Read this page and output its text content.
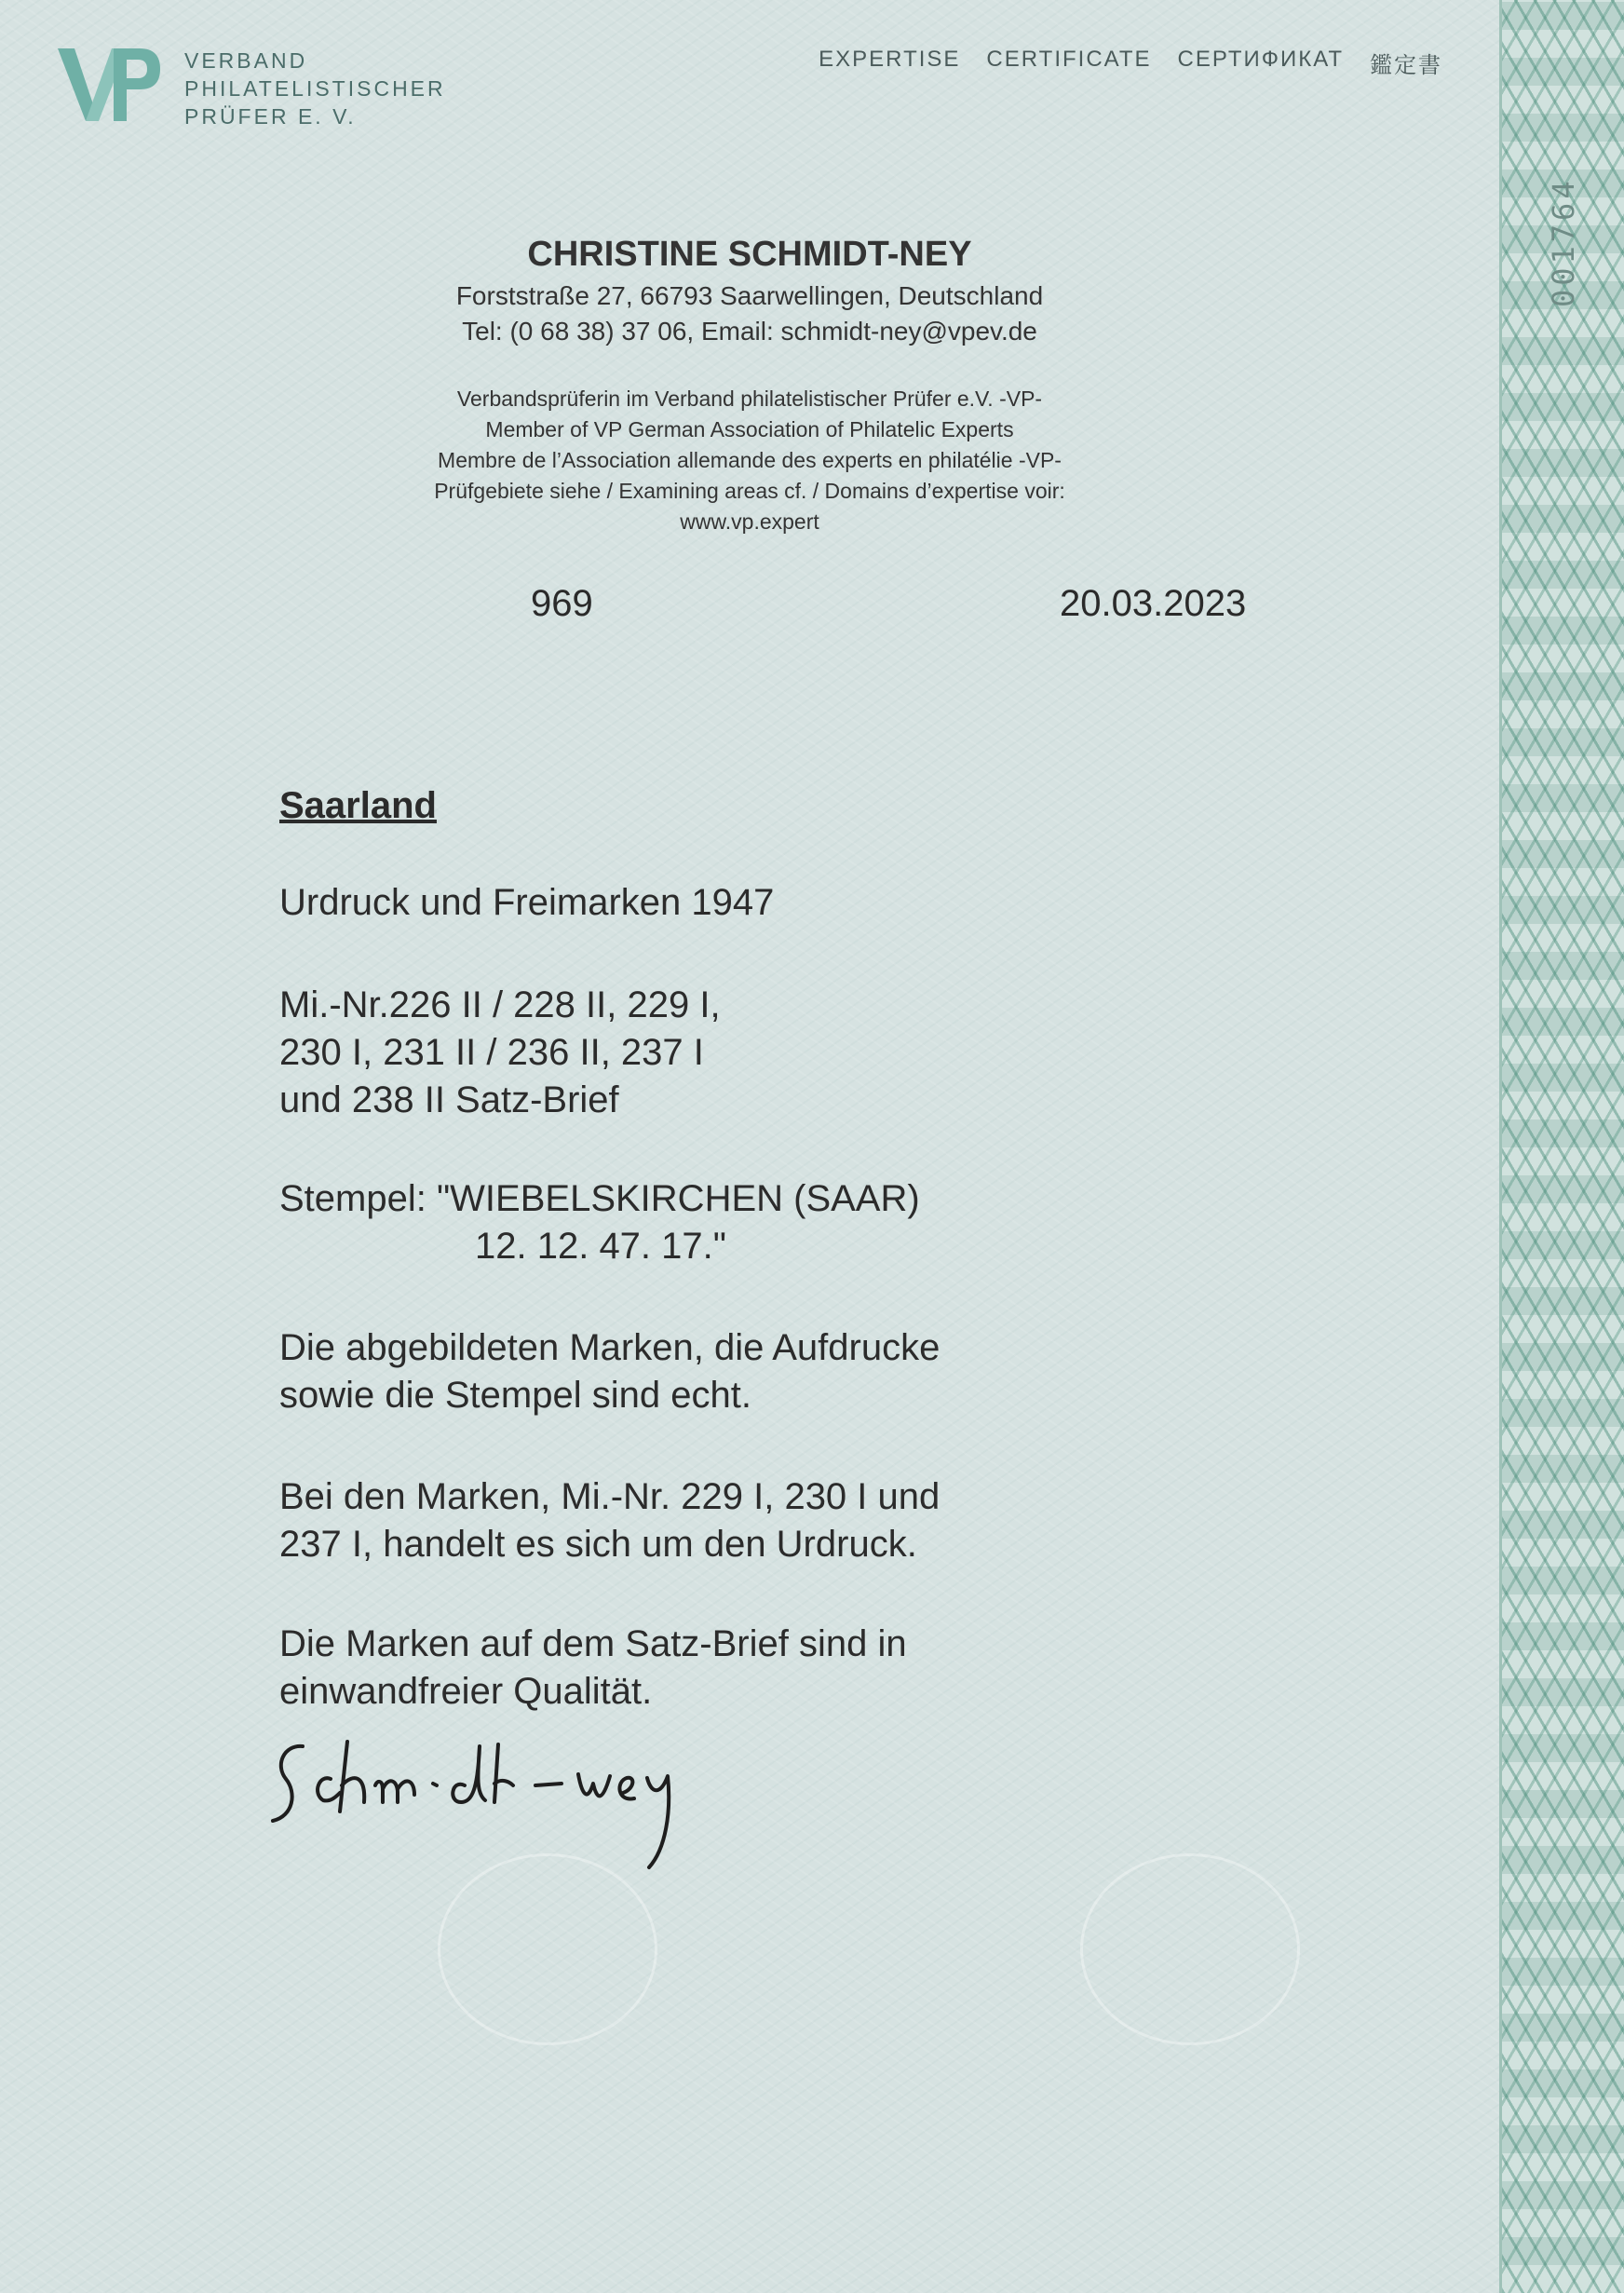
001764
VERBAND
PHILATELISTISCHER
PRÜFER E. V.
EXPERTISE CERTIFICATE СЕРТИФИКАТ 鑑定書
CHRISTINE SCHMIDT-NEY
Forststraße 27, 66793 Saarwellingen, Deutschland
Tel: (0 68 38) 37 06, Email: schmidt-ney@vpev.de
Verbandsprüferin im Verband philatelistischer Prüfer e.V. -VP-
Member of VP German Association of Philatelic Experts
Membre de l’Association allemande des experts en philatélie -VP-
Prüfgebiete siehe / Examining areas cf. / Domains d’expertise voir:
www.vp.expert
969	20.03.2023
Saarland
Urdruck und Freimarken 1947
Mi.-Nr.226 II / 228 II, 229 I,
230 I, 231 II / 236 II, 237 I
und 238 II Satz-Brief
Stempel: "WIEBELSKIRCHEN (SAAR)
12. 12. 47. 17."
Die abgebildeten Marken, die Aufdrucke
sowie die Stempel sind echt.
Bei den Marken, Mi.-Nr. 229 I, 230 I und
237 I, handelt es sich um den Urdruck.
Die Marken auf dem Satz-Brief sind in
einwandfreier Qualität.
Schmidt-Ney
